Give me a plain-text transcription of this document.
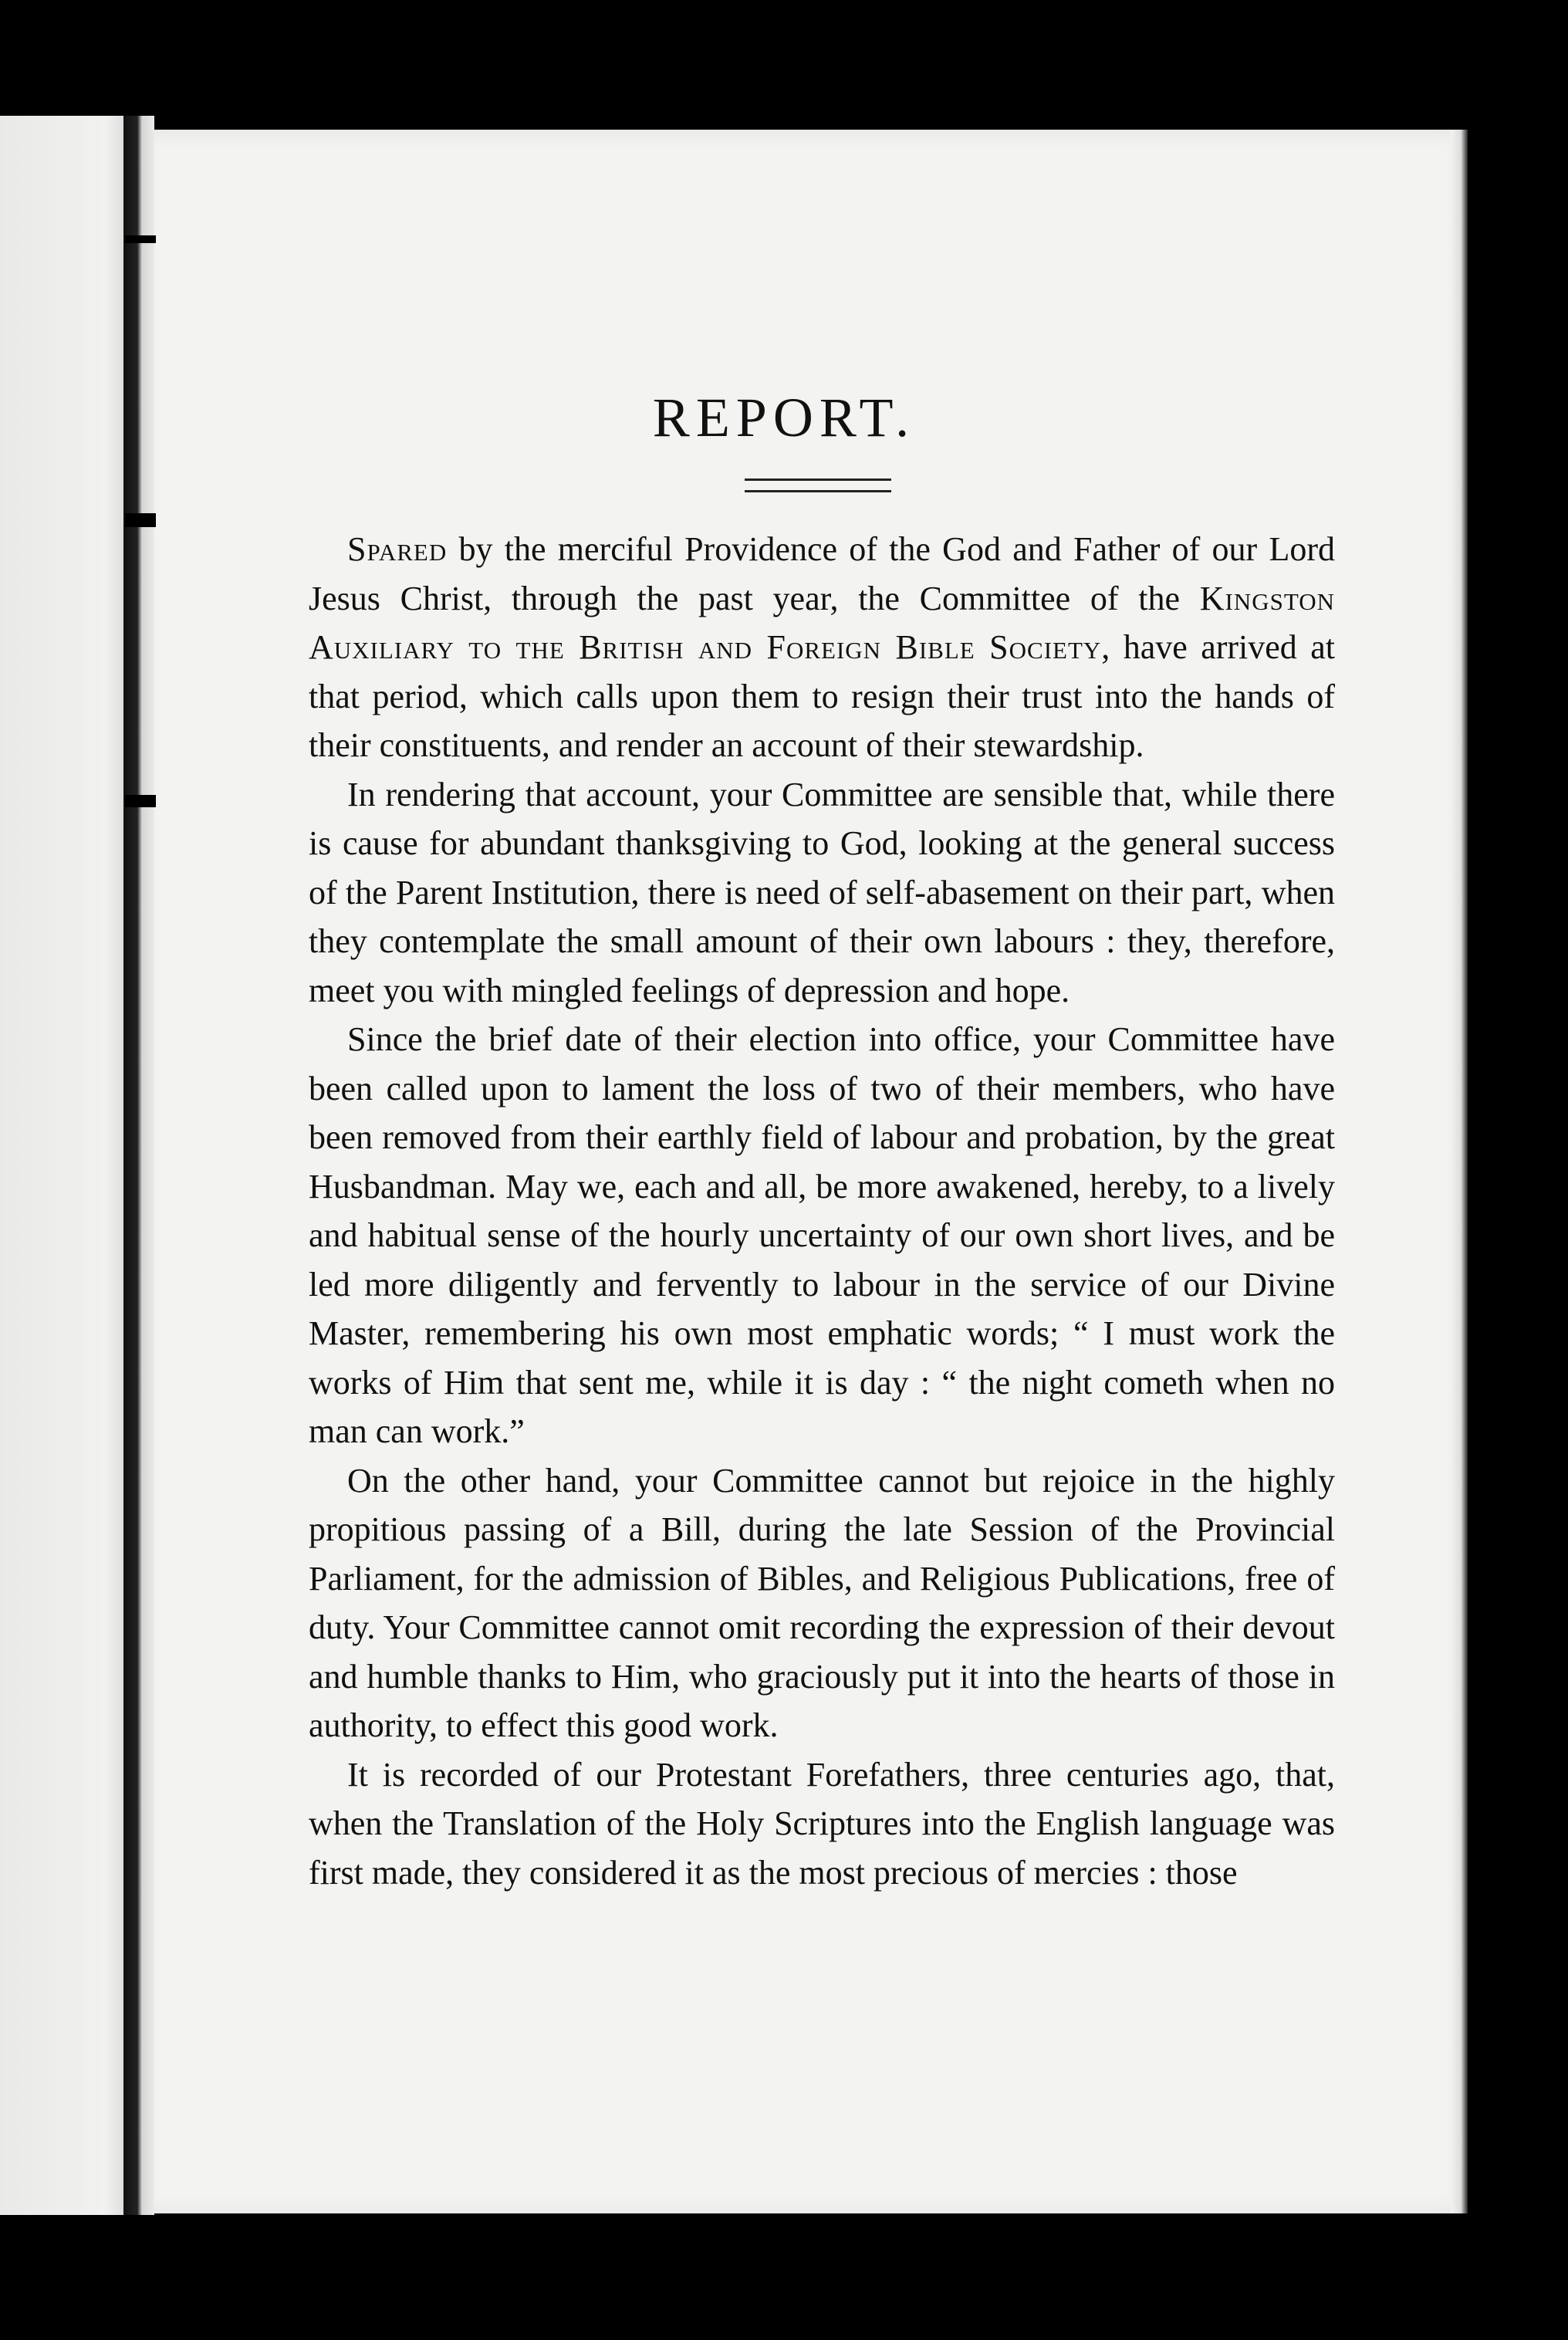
REPORT.

Spared by the merciful Providence of the God and Father of our Lord Jesus Christ, through the past year, the Committee of the Kingston Auxiliary to the British and Foreign Bible Society, have arrived at that period, which calls upon them to resign their trust into the hands of their constituents, and render an account of their stewardship.

In rendering that account, your Committee are sensible that, while there is cause for abundant thanksgiving to God, looking at the general success of the Parent Institution, there is need of self-abasement on their part, when they contemplate the small amount of their own labours : they, therefore, meet you with mingled feelings of depression and hope.

Since the brief date of their election into office, your Committee have been called upon to lament the loss of two of their members, who have been removed from their earthly field of labour and probation, by the great Husbandman. May we, each and all, be more awakened, hereby, to a lively and habitual sense of the hourly uncertainty of our own short lives, and be led more diligently and fervently to labour in the service of our Divine Master, remembering his own most emphatic words; “ I must work the works of Him that sent me, while it is day : “ the night cometh when no man can work.”

On the other hand, your Committee cannot but rejoice in the highly propitious passing of a Bill, during the late Session of the Provincial Parliament, for the admission of Bibles, and Religious Publications, free of duty. Your Committee cannot omit recording the expression of their devout and humble thanks to Him, who graciously put it into the hearts of those in authority, to effect this good work.

It is recorded of our Protestant Forefathers, three centuries ago, that, when the Translation of the Holy Scriptures into the English language was first made, they considered it as the most precious of mercies : those
